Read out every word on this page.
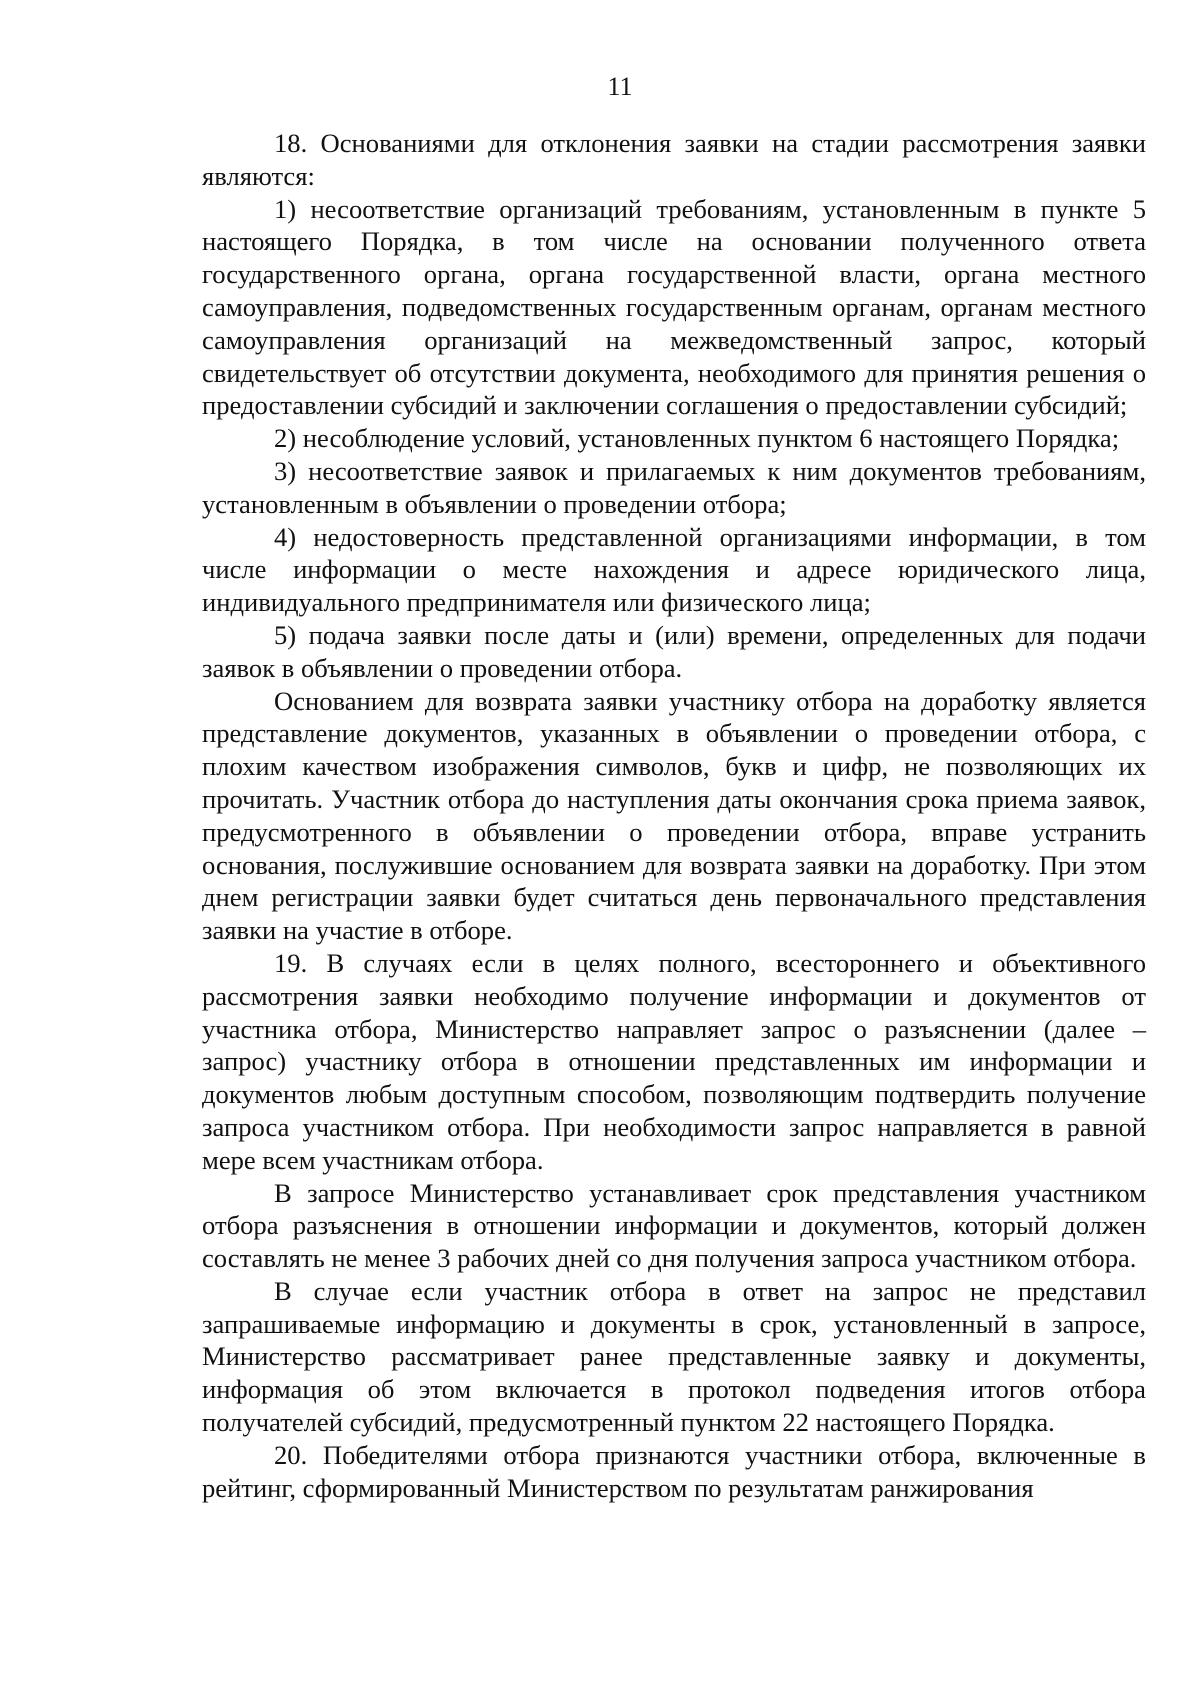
11

18. Основаниями для отклонения заявки на стадии рассмотрения заявки являются:

1) несоответствие организаций требованиям, установленным в пункте 5 настоящего Порядка, в том числе на основании полученного ответа государственного органа, органа государственной власти, органа местного самоуправления, подведомственных государственным органам, органам местного самоуправления организаций на межведомственный запрос, который свидетельствует об отсутствии документа, необходимого для принятия решения о предоставлении субсидий и заключении соглашения о предоставлении субсидий;

2) несоблюдение условий, установленных пунктом 6 настоящего Порядка;

3) несоответствие заявок и прилагаемых к ним документов требованиям, установленным в объявлении о проведении отбора;

4) недостоверность представленной организациями информации, в том числе информации о месте нахождения и адресе юридического лица, индивидуального предпринимателя или физического лица;

5) подача заявки после даты и (или) времени, определенных для подачи заявок в объявлении о проведении отбора.

Основанием для возврата заявки участнику отбора на доработку является представление документов, указанных в объявлении о проведении отбора, с плохим качеством изображения символов, букв и цифр, не позволяющих их прочитать. Участник отбора до наступления даты окончания срока приема заявок, предусмотренного в объявлении о проведении отбора, вправе устранить основания, послужившие основанием для возврата заявки на доработку. При этом днем регистрации заявки будет считаться день первоначального представления заявки на участие в отборе.

19. В случаях если в целях полного, всестороннего и объективного рассмотрения заявки необходимо получение информации и документов от участника отбора, Министерство направляет запрос о разъяснении (далее – запрос) участнику отбора в отношении представленных им информации и документов любым доступным способом, позволяющим подтвердить получение запроса участником отбора. При необходимости запрос направляется в равной мере всем участникам отбора.

В запросе Министерство устанавливает срок представления участником отбора разъяснения в отношении информации и документов, который должен составлять не менее 3 рабочих дней со дня получения запроса участником отбора.

В случае если участник отбора в ответ на запрос не представил запрашиваемые информацию и документы в срок, установленный в запросе, Министерство рассматривает ранее представленные заявку и документы, информация об этом включается в протокол подведения итогов отбора получателей субсидий, предусмотренный пунктом 22 настоящего Порядка.

20. Победителями отбора признаются участники отбора, включенные в рейтинг, сформированный Министерством по результатам ранжирования
